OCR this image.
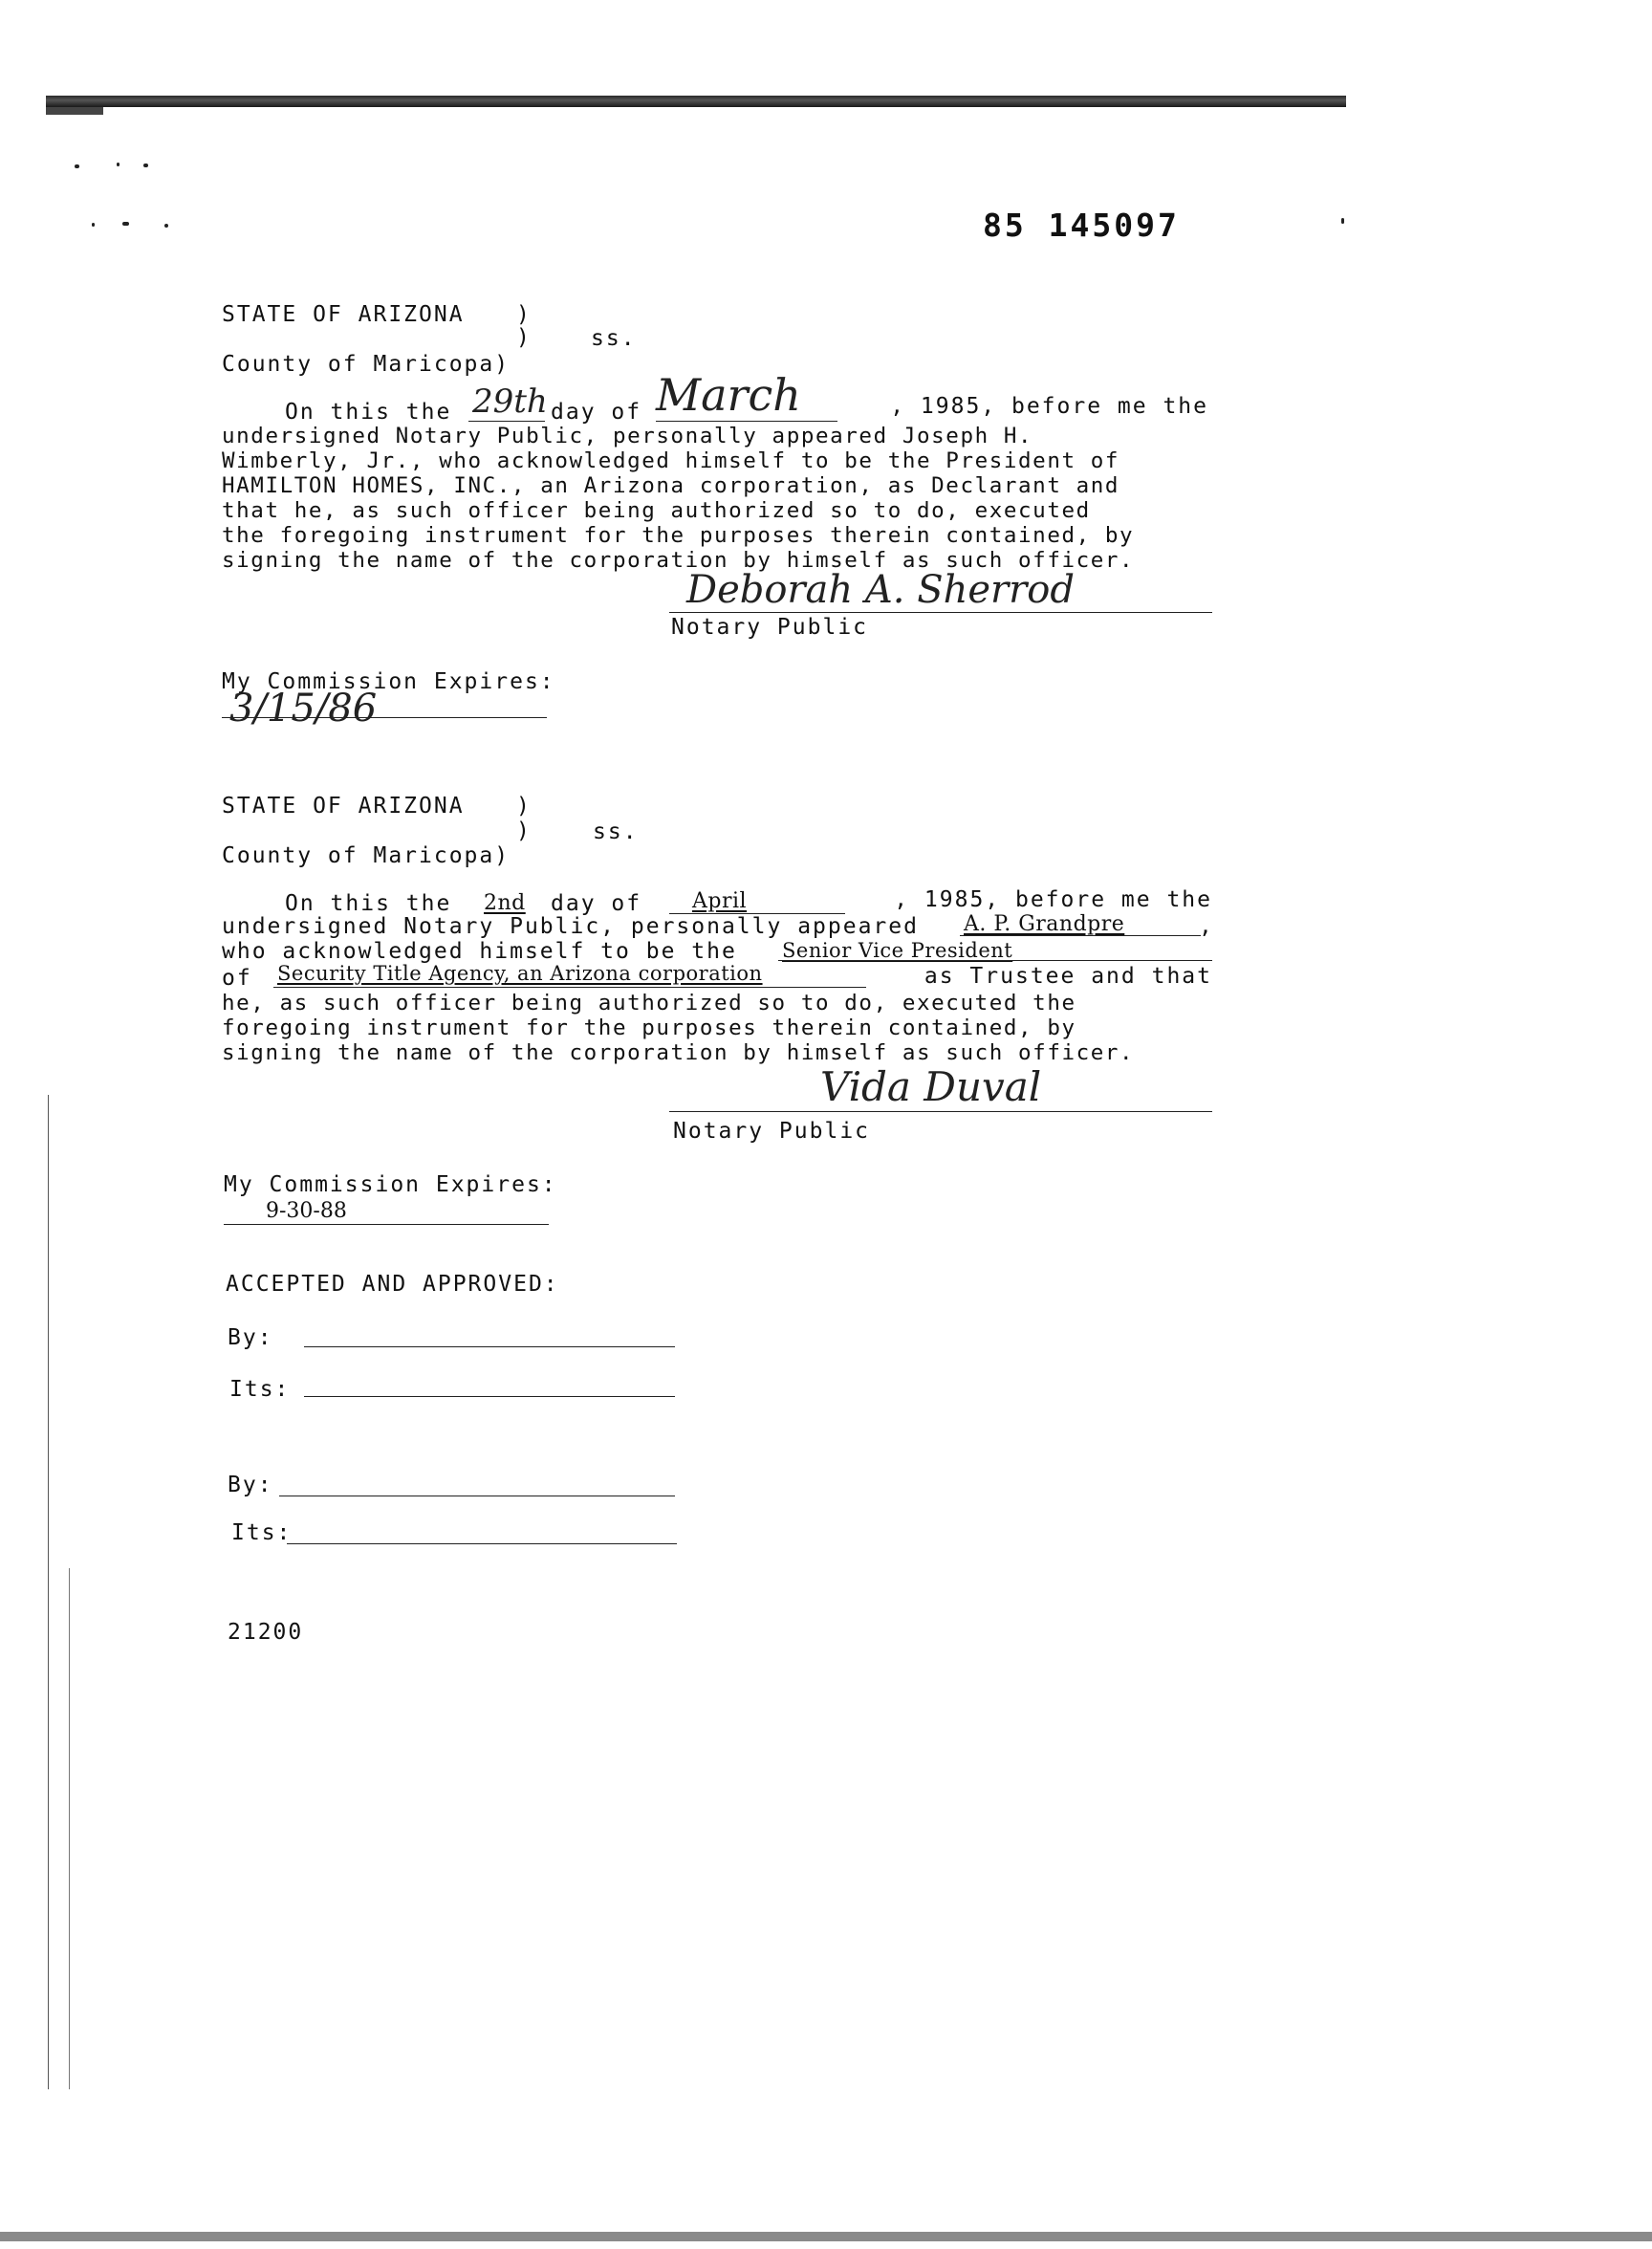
85 145097
STATE OF ARIZONA )
)	ss.
County of Maricopa)
On this the 29th day of March	, 1985, before me the
undersigned Notary Public, personally appeared Joseph H.
Wimberly, Jr., who acknowledged himself to be the President of
HAMILTON HOMES, INC., an Arizona corporation, as Declarant and
that he, as such officer being authorized so to do, executed
the foregoing instrument for the purposes therein contained, by
signing the name of the corporation by himself as such officer.
Deborah A. Sherrod
Notary Public
My Commission Expires:
3/15/86
STATE OF ARIZONA )
)	ss.
County of Maricopa)
On this the 2nd day of April	, 1985, before me the
undersigned Notary Public, personally appeared A. P. Grandpre	,
who acknowledged himself to be the Senior Vice President
of Security Title Agency, an Arizona corporation	as Trustee and that
he, as such officer being authorized so to do, executed the
foregoing instrument for the purposes therein contained, by
signing the name of the corporation by himself as such officer.
Vida Duval
Notary Public
My Commission Expires:
9-30-88
ACCEPTED AND APPROVED:
By:
Its:
By:
Its:
21200
